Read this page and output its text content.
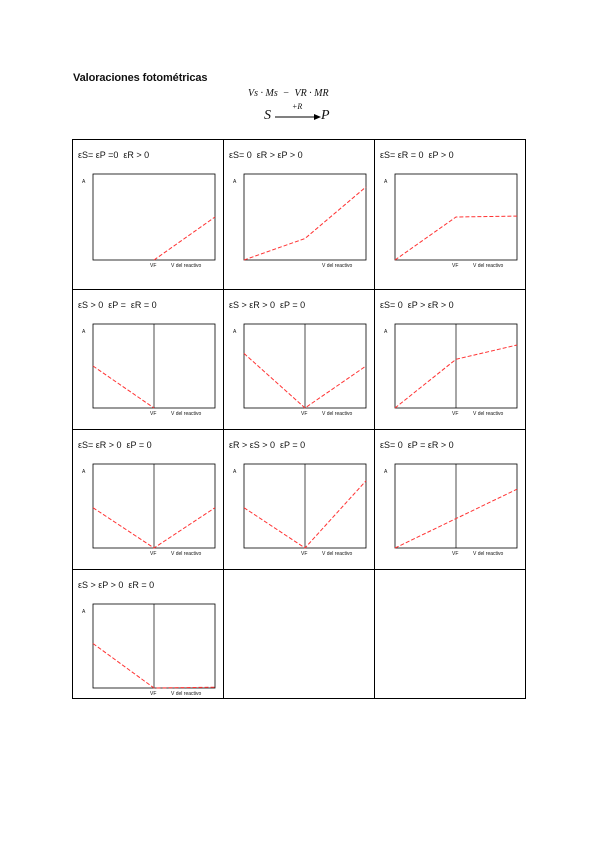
Valoraciones fotométricas
Vs · Ms  −  VR · MR
S
+R
→ P
εS= εP =0  εR > 0
A
VF	V del reactivo
εS= 0  εR > εP > 0
A
V del reactivo
εS= εR = 0  εP > 0
A
VF	V del reactivo
εS > 0  εP =  εR = 0
A
VF	V del reactivo
εS > εR > 0  εP = 0
A
VF	V del reactivo
εS= 0  εP > εR > 0
A
VF	V del reactivo
εS= εR > 0  εP = 0
A
VF	V del reactivo
εR > εS > 0  εP = 0
A
VF	V del reactivo
εS= 0  εP = εR > 0
A
VF	V del reactivo
εS > εP > 0  εR = 0
A
VF	V del reactivo
